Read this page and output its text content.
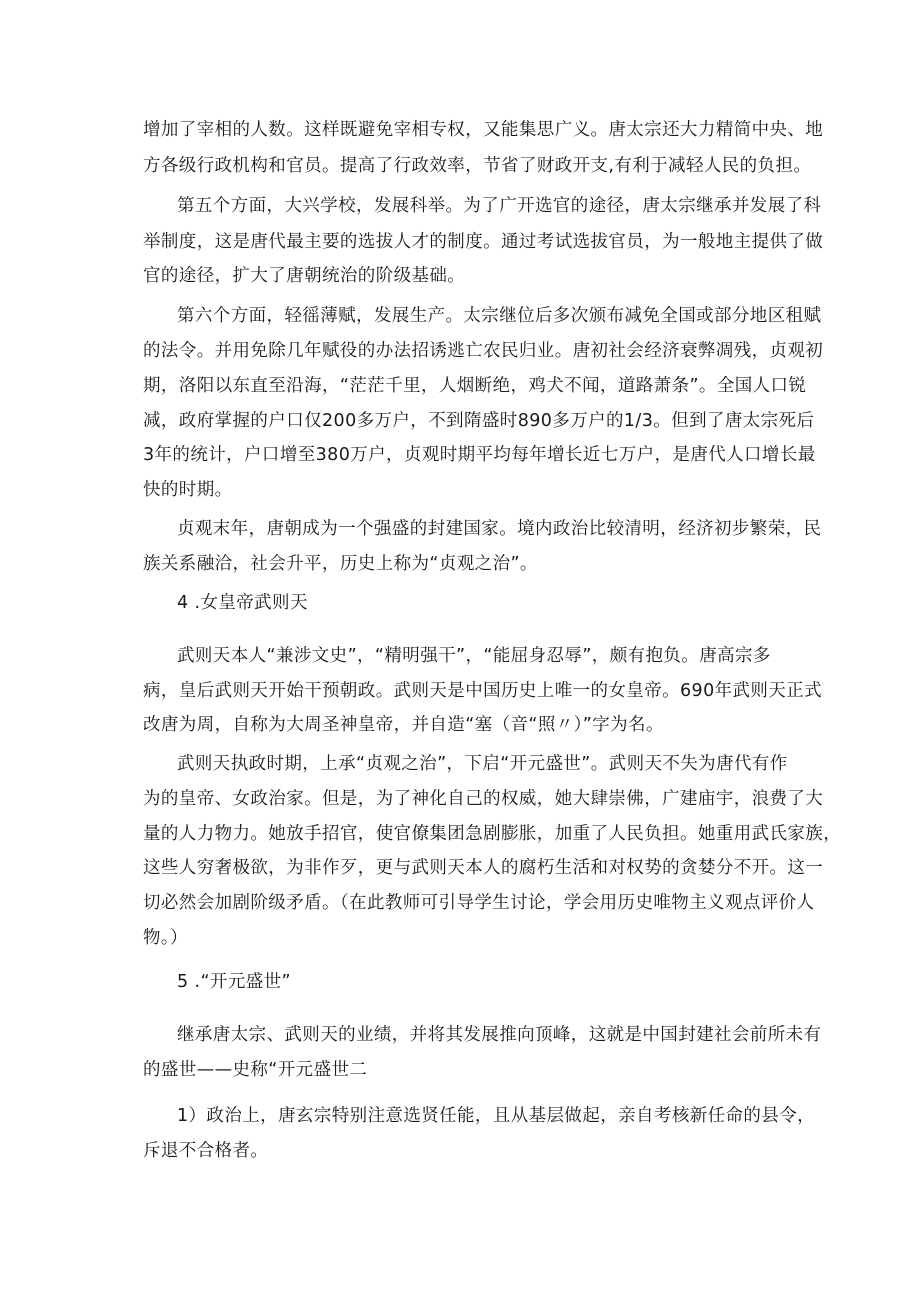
增加了宰相的人数。这样既避免宰相专权，又能集思广义。唐太宗还大力精简中央、地
方各级行政机构和官员。提高了行政效率，节省了财政开支,有利于减轻人民的负担。
第五个方面，大兴学校，发展科举。为了广开选官的途径，唐太宗继承并发展了科
举制度，这是唐代最主要的选拔人才的制度。通过考试选拔官员，为一般地主提供了做
官的途径，扩大了唐朝统治的阶级基础。
第六个方面，轻徭薄赋，发展生产。太宗继位后多次颁布减免全国或部分地区租赋
的法令。并用免除几年赋役的办法招诱逃亡农民归业。唐初社会经济衰弊凋残，贞观初
期，洛阳以东直至沿海，“茫茫千里，人烟断绝，鸡犬不闻，道路萧条”。全国人口锐
减，政府掌握的户口仅200多万户，不到隋盛时890多万户的1/3。但到了唐太宗死后
3年的统计，户口增至380万户，贞观时期平均每年增长近七万户，是唐代人口增长最
快的时期。
贞观末年，唐朝成为一个强盛的封建国家。境内政治比较清明，经济初步繁荣，民
族关系融洽，社会升平，历史上称为“贞观之治”。
4 .女皇帝武则天
武则天本人“兼涉文史”，“精明强干”，“能屈身忍辱”，颇有抱负。唐高宗多
病，皇后武则天开始干预朝政。武则天是中国历史上唯一的女皇帝。690年武则天正式
改唐为周，自称为大周圣神皇帝，并自造“塞（音“照〃）”字为名。
武则天执政时期，上承“贞观之治”，下启“开元盛世”。武则天不失为唐代有作
为的皇帝、女政治家。但是，为了神化自己的权威，她大肆崇佛，广建庙宇，浪费了大
量的人力物力。她放手招官，使官僚集团急剧膨胀，加重了人民负担。她重用武氏家族，
这些人穷奢极欲，为非作歹，更与武则天本人的腐朽生活和对权势的贪婪分不开。这一
切必然会加剧阶级矛盾。（在此教师可引导学生讨论，学会用历史唯物主义观点评价人
物。）
5 .“开元盛世”
继承唐太宗、武则天的业绩，并将其发展推向顶峰，这就是中国封建社会前所未有
的盛世——史称“开元盛世二
1）政治上，唐玄宗特别注意选贤任能，且从基层做起，亲自考核新任命的县令，
斥退不合格者。
